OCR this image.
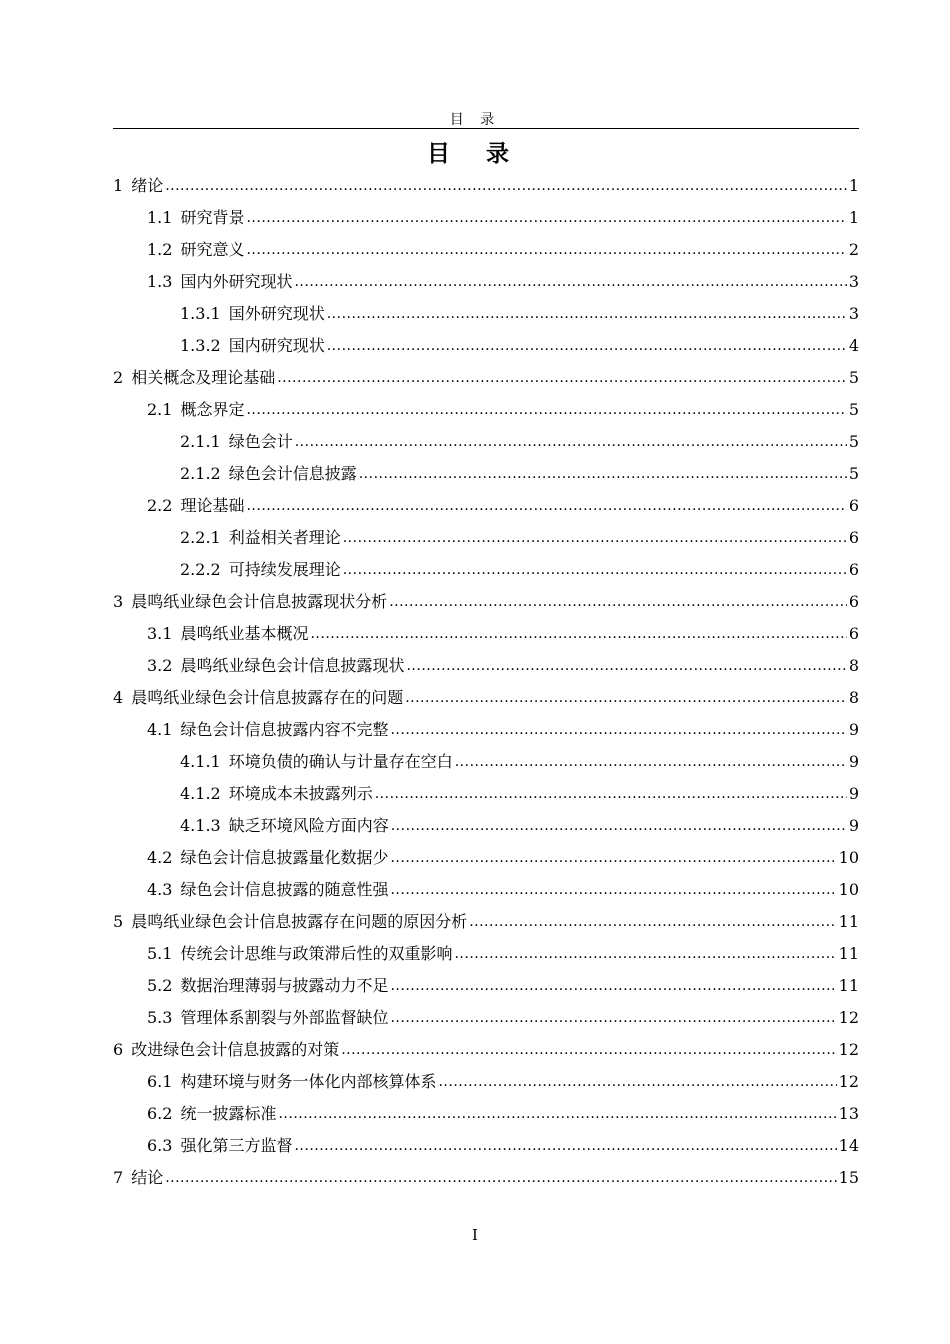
目 录
目 录
1 绪论 .....	1
1.1 研究背景 .....	1
1.2 研究意义 .....	2
1.3 国内外研究现状 .....	3
1.3.1 国外研究现状 .....	3
1.3.2 国内研究现状 .....	4
2 相关概念及理论基础 .....	5
2.1 概念界定 .....	5
2.1.1 绿色会计 .....	5
2.1.2 绿色会计信息披露 .....	5
2.2 理论基础 .....	6
2.2.1 利益相关者理论 .....	6
2.2.2 可持续发展理论 .....	6
3 晨鸣纸业绿色会计信息披露现状分析 .....	6
3.1 晨鸣纸业基本概况 .....	6
3.2 晨鸣纸业绿色会计信息披露现状 .....	8
4 晨鸣纸业绿色会计信息披露存在的问题 .....	8
4.1 绿色会计信息披露内容不完整 .....	9
4.1.1 环境负债的确认与计量存在空白 .....	9
4.1.2 环境成本未披露列示 .....	9
4.1.3 缺乏环境风险方面内容 .....	9
4.2 绿色会计信息披露量化数据少 .....	10
4.3 绿色会计信息披露的随意性强 .....	10
5 晨鸣纸业绿色会计信息披露存在问题的原因分析 .....	11
5.1 传统会计思维与政策滞后性的双重影响 .....	11
5.2 数据治理薄弱与披露动力不足 .....	11
5.3 管理体系割裂与外部监督缺位 .....	12
6 改进绿色会计信息披露的对策 .....	12
6.1 构建环境与财务一体化内部核算体系 .....	12
6.2 统一披露标准 .....	13
6.3 强化第三方监督 .....	14
7 结论 .....	15
I
